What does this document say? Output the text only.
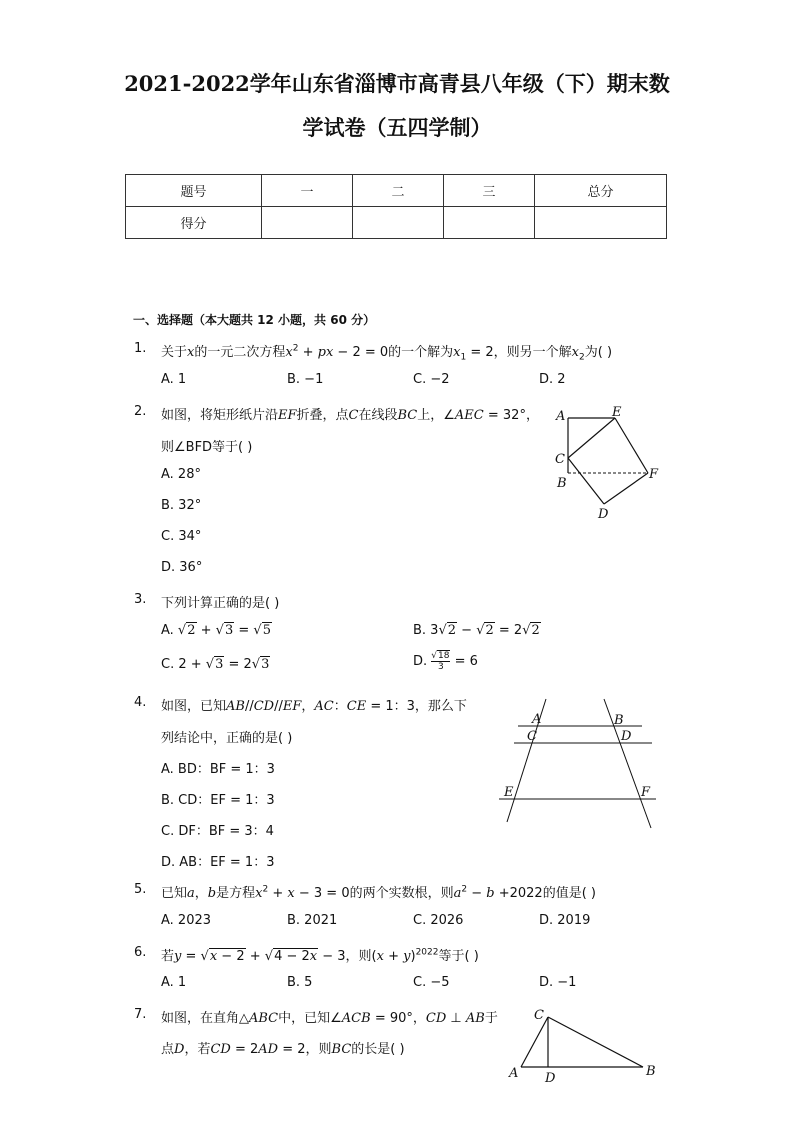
2021-2022学年山东省淄博市高青县八年级（下）期末数
学试卷（五四学制）
题号	一	二	三	总分
得分				
一、选择题（本大题共 12 小题，共 60 分）
1. 关于x的一元二次方程$x^2$ + px − 2 = 0的一个解为$x_1 = 2$，则另一个解$x_2$为( )
A. 1	B. −1	C. −2	D. 2
2. 如图，将矩形纸片沿EF折叠，点C在线段BC上，∠AEC = 32°，
则∠BFD等于( )
A. 28°
B. 32°
C. 34°
D. 36°
A	E
C
F
B
D
3. 下列计算正确的是( )
A. √2 + √3 = √5	B. 3√2 − √2 = 2√2
C. 2 + √3 = 2√3	D. $\frac{√18}{3} = 6$
4. 如图，已知AB//CD//EF，AC：CE = 1：3，那么下
列结论中，正确的是( )
A. BD：BF = 1：3
B. CD：EF = 1：3
C. DF：BF = 3：4
D. AB：EF = 1：3
A	B
C	D
E	F
5. 已知a，b是方程$x^2 + x - 3 = 0$的两个实数根，则$a^2 - b +2022$的值是( )
A. 2023	B. 2021	C. 2026	D. 2019
6. 若y = √x − 2 + √4 − 2x − 3，则$(x + y)^{2022}$等于( )
A. 1	B. 5	C. −5	D. −1
7. 如图，在直角△ABC中，已知∠ACB = 90°，CD ⊥ AB于
点D，若CD = 2AD = 2，则BC的长是( )
C
A D	B
